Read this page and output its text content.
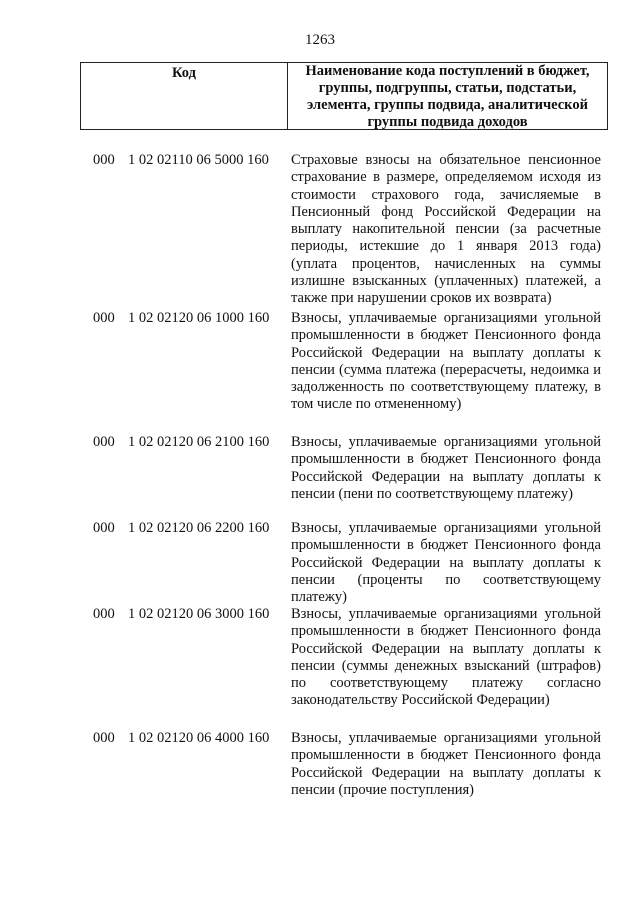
1263
Код	Наименование кода поступлений в бюджет, группы, подгруппы, статьи, подстатьи, элемента, группы подвида, аналитической группы подвида доходов
000 1 02 02110 06 5000 160	Страховые взносы на обязательное пенсионное страхование в размере, определяемом исходя из стоимости страхового года, зачисляемые в Пенсионный фонд Российской Федерации на выплату накопительной пенсии (за расчетные периоды, истекшие до 1 января 2013 года) (уплата процентов, начисленных на суммы излишне взысканных (уплаченных) платежей, а также при нарушении сроков их возврата)
000 1 02 02120 06 1000 160	Взносы, уплачиваемые организациями угольной промышленности в бюджет Пенсионного фонда Российской Федерации на выплату доплаты к пенсии (сумма платежа (перерасчеты, недоимка и задолженность по соответствующему платежу, в том числе по отмененному)
000 1 02 02120 06 2100 160	Взносы, уплачиваемые организациями угольной промышленности в бюджет Пенсионного фонда Российской Федерации на выплату доплаты к пенсии (пени по соответствующему платежу)
000 1 02 02120 06 2200 160	Взносы, уплачиваемые организациями угольной промышленности в бюджет Пенсионного фонда Российской Федерации на выплату доплаты к пенсии (проценты по соответствующему платежу)
000 1 02 02120 06 3000 160	Взносы, уплачиваемые организациями угольной промышленности в бюджет Пенсионного фонда Российской Федерации на выплату доплаты к пенсии (суммы денежных взысканий (штрафов) по соответствующему платежу согласно законодательству Российской Федерации)
000 1 02 02120 06 4000 160	Взносы, уплачиваемые организациями угольной промышленности в бюджет Пенсионного фонда Российской Федерации на выплату доплаты к пенсии (прочие поступления)
